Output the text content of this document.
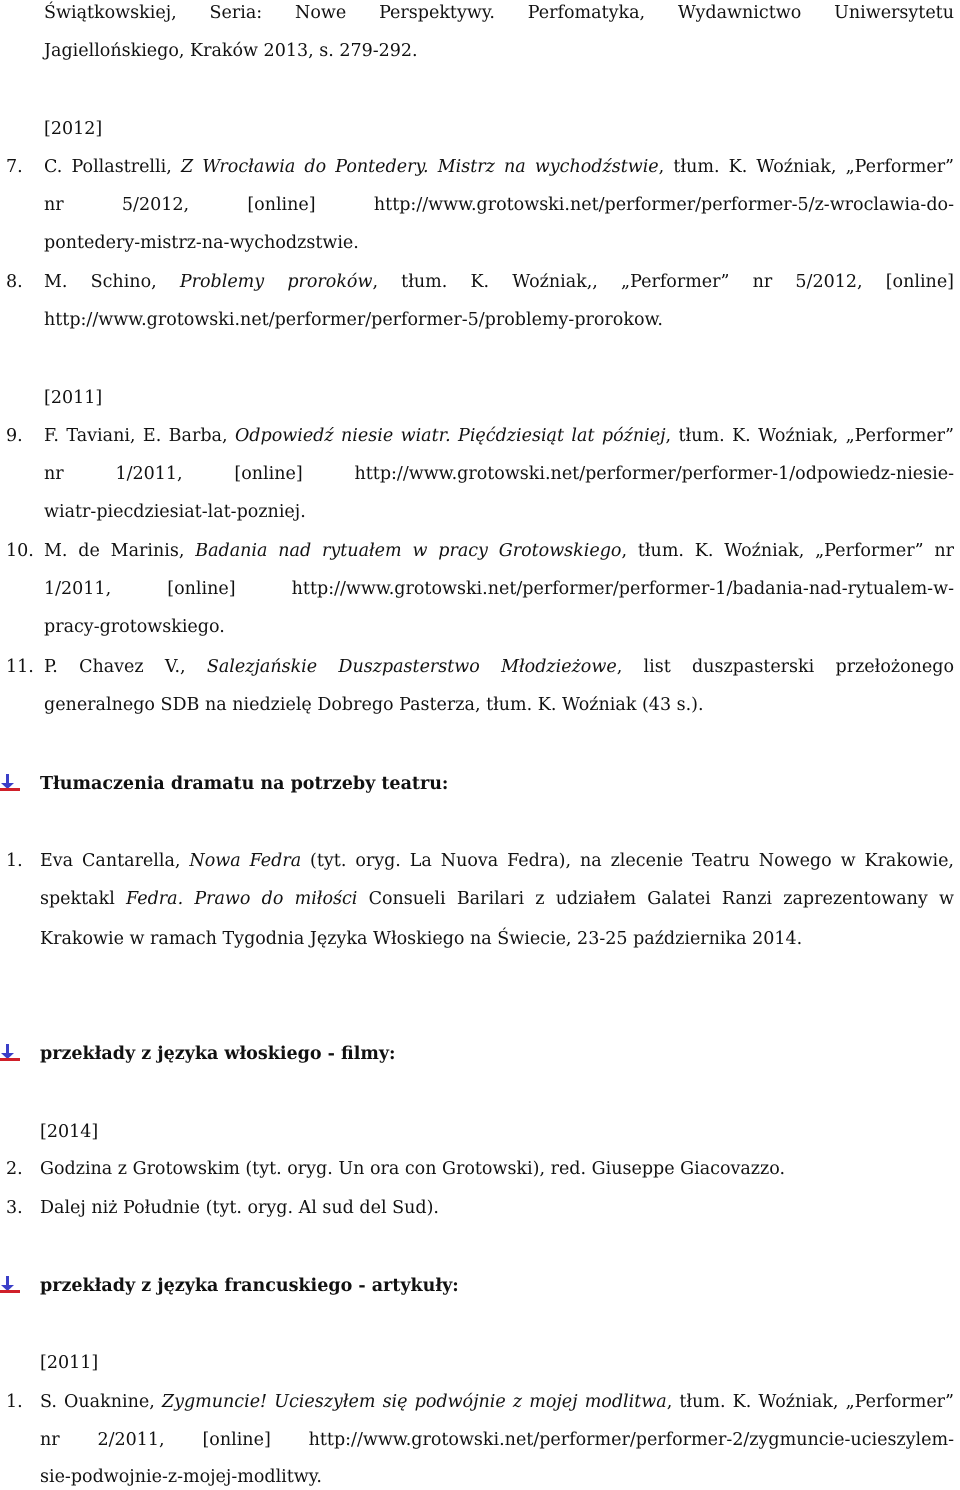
Świątkowskiej, Seria: Nowe Perspektywy. Perfomatyka, Wydawnictwo Uniwersytetu
Jagiellońskiego, Kraków 2013, s. 279-292.
[2012]
7. C. Pollastrelli, Z Wrocławia do Pontedery. Mistrz na wychodźstwie, tłum. K. Woźniak, „Performer”
nr 5/2012, [online] http://www.grotowski.net/performer/performer-5/z-wroclawia-do-
pontedery-mistrz-na-wychodzstwie.
8. M. Schino, Problemy proroków, tłum. K. Woźniak,, „Performer” nr 5/2012, [online]
http://www.grotowski.net/performer/performer-5/problemy-prorokow.
[2011]
9. F. Taviani, E. Barba, Odpowiedź niesie wiatr. Pięćdziesiąt lat później, tłum. K. Woźniak, „Performer”
nr 1/2011, [online] http://www.grotowski.net/performer/performer-1/odpowiedz-niesie-
wiatr-piecdziesiat-lat-pozniej.
10. M. de Marinis, Badania nad rytuałem w pracy Grotowskiego, tłum. K. Woźniak, „Performer” nr
1/2011, [online] http://www.grotowski.net/performer/performer-1/badania-nad-rytualem-w-
pracy-grotowskiego.
11. P. Chavez V., Salezjańskie Duszpasterstwo Młodzieżowe, list duszpasterski przełożonego
generalnego SDB na niedzielę Dobrego Pasterza, tłum. K. Woźniak (43 s.).
Tłumaczenia dramatu na potrzeby teatru:
1. Eva Cantarella, Nowa Fedra (tyt. oryg. La Nuova Fedra), na zlecenie Teatru Nowego w Krakowie,
spektakl Fedra. Prawo do miłości Consueli Barilari z udziałem Galatei Ranzi zaprezentowany w
Krakowie w ramach Tygodnia Języka Włoskiego na Świecie, 23-25 października 2014.
przekłady z języka włoskiego - filmy:
[2014]
2. Godzina z Grotowskim (tyt. oryg. Un ora con Grotowski), red. Giuseppe Giacovazzo.
3. Dalej niż Południe (tyt. oryg. Al sud del Sud).
przekłady z języka francuskiego - artykuły:
[2011]
1. S. Ouaknine, Zygmuncie! Ucieszyłem się podwójnie z mojej modlitwa, tłum. K. Woźniak, „Performer”
nr 2/2011, [online] http://www.grotowski.net/performer/performer-2/zygmuncie-ucieszylem-
sie-podwojnie-z-mojej-modlitwy.
